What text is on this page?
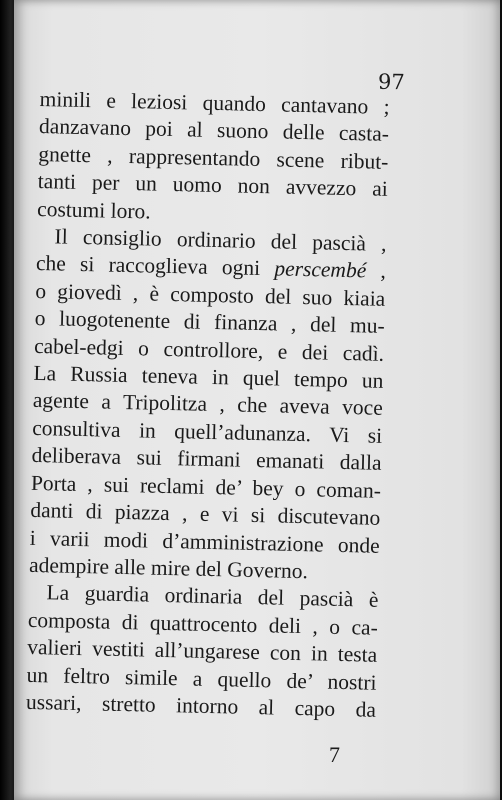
97
minili e leziosi quando cantavano ;
danzavano poi al suono delle casta-
gnette , rappresentando scene ribut-
tanti per un uomo non avvezzo ai
costumi loro.
Il consiglio ordinario del pascià ,
che si raccoglieva ogni perscembé ,
o giovedì , è composto del suo kiaia
o luogotenente di finanza , del mu-
cabel-edgi o controllore, e dei cadì.
La Russia teneva in quel tempo un
agente a Tripolitza , che aveva voce
consultiva in quell’adunanza. Vi si
deliberava sui firmani emanati dalla
Porta , sui reclami de’ bey o coman-
danti di piazza , e vi si discutevano
i varii modi d’amministrazione onde
adempire alle mire del Governo.
La guardia ordinaria del pascià è
composta di quattrocento deli , o ca-
valieri vestiti all’ungarese con in testa
un feltro simile a quello de’ nostri
ussari, stretto intorno al capo da
7
